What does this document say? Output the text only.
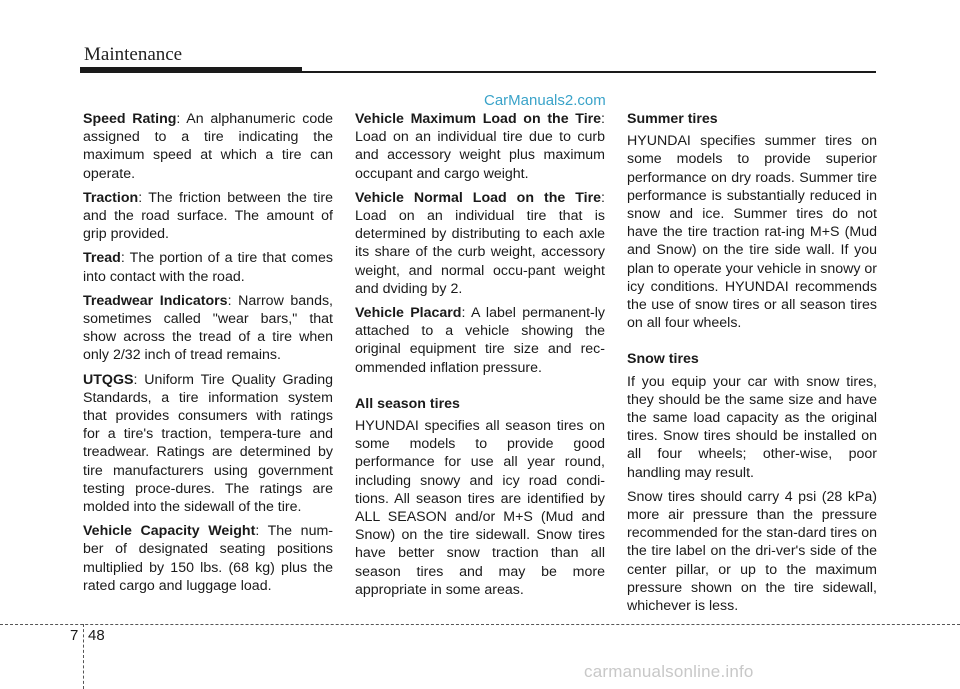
Maintenance
CarManuals2.com

Speed Rating: An alphanumeric code assigned to a tire indicating the maximum speed at which a tire can operate.

Traction: The friction between the tire and the road surface. The amount of grip provided.

Tread: The portion of a tire that comes into contact with the road.

Treadwear Indicators: Narrow bands, sometimes called "wear bars," that show across the tread of a tire when only 2/32 inch of tread remains.

UTQGS: Uniform Tire Quality Grading Standards, a tire information system that provides consumers with ratings for a tire's traction, tempera-ture and treadwear. Ratings are determined by tire manufacturers using government testing proce-dures. The ratings are molded into the sidewall of the tire.

Vehicle Capacity Weight: The num-ber of designated seating positions multiplied by 150 lbs. (68 kg) plus the rated cargo and luggage load.

Vehicle Maximum Load on the Tire: Load on an individual tire due to curb and accessory weight plus maximum occupant and cargo weight.

Vehicle Normal Load on the Tire: Load on an individual tire that is determined by distributing to each axle its share of the curb weight, accessory weight, and normal occu-pant weight and dviding by 2.

Vehicle Placard: A label permanent-ly attached to a vehicle showing the original equipment tire size and rec-ommended inflation pressure.

All season tires

HYUNDAI specifies all season tires on some models to provide good performance for use all year round, including snowy and icy road condi-tions. All season tires are identified by ALL SEASON and/or M+S (Mud and Snow) on the tire sidewall. Snow tires have better snow traction than all season tires and may be more appropriate in some areas.

Summer tires

HYUNDAI specifies summer tires on some models to provide superior performance on dry roads. Summer tire performance is substantially reduced in snow and ice. Summer tires do not have the tire traction rat-ing M+S (Mud and Snow) on the tire side wall. If you plan to operate your vehicle in snowy or icy conditions. HYUNDAI recommends the use of snow tires or all season tires on all four wheels.

Snow tires

If you equip your car with snow tires, they should be the same size and have the same load capacity as the original tires. Snow tires should be installed on all four wheels; other-wise, poor handling may result.

Snow tires should carry 4 psi (28 kPa) more air pressure than the pressure recommended for the stan-dard tires on the tire label on the dri-ver's side of the center pillar, or up to the maximum pressure shown on the tire sidewall, whichever is less.

7 48
carmanualsonline.info
